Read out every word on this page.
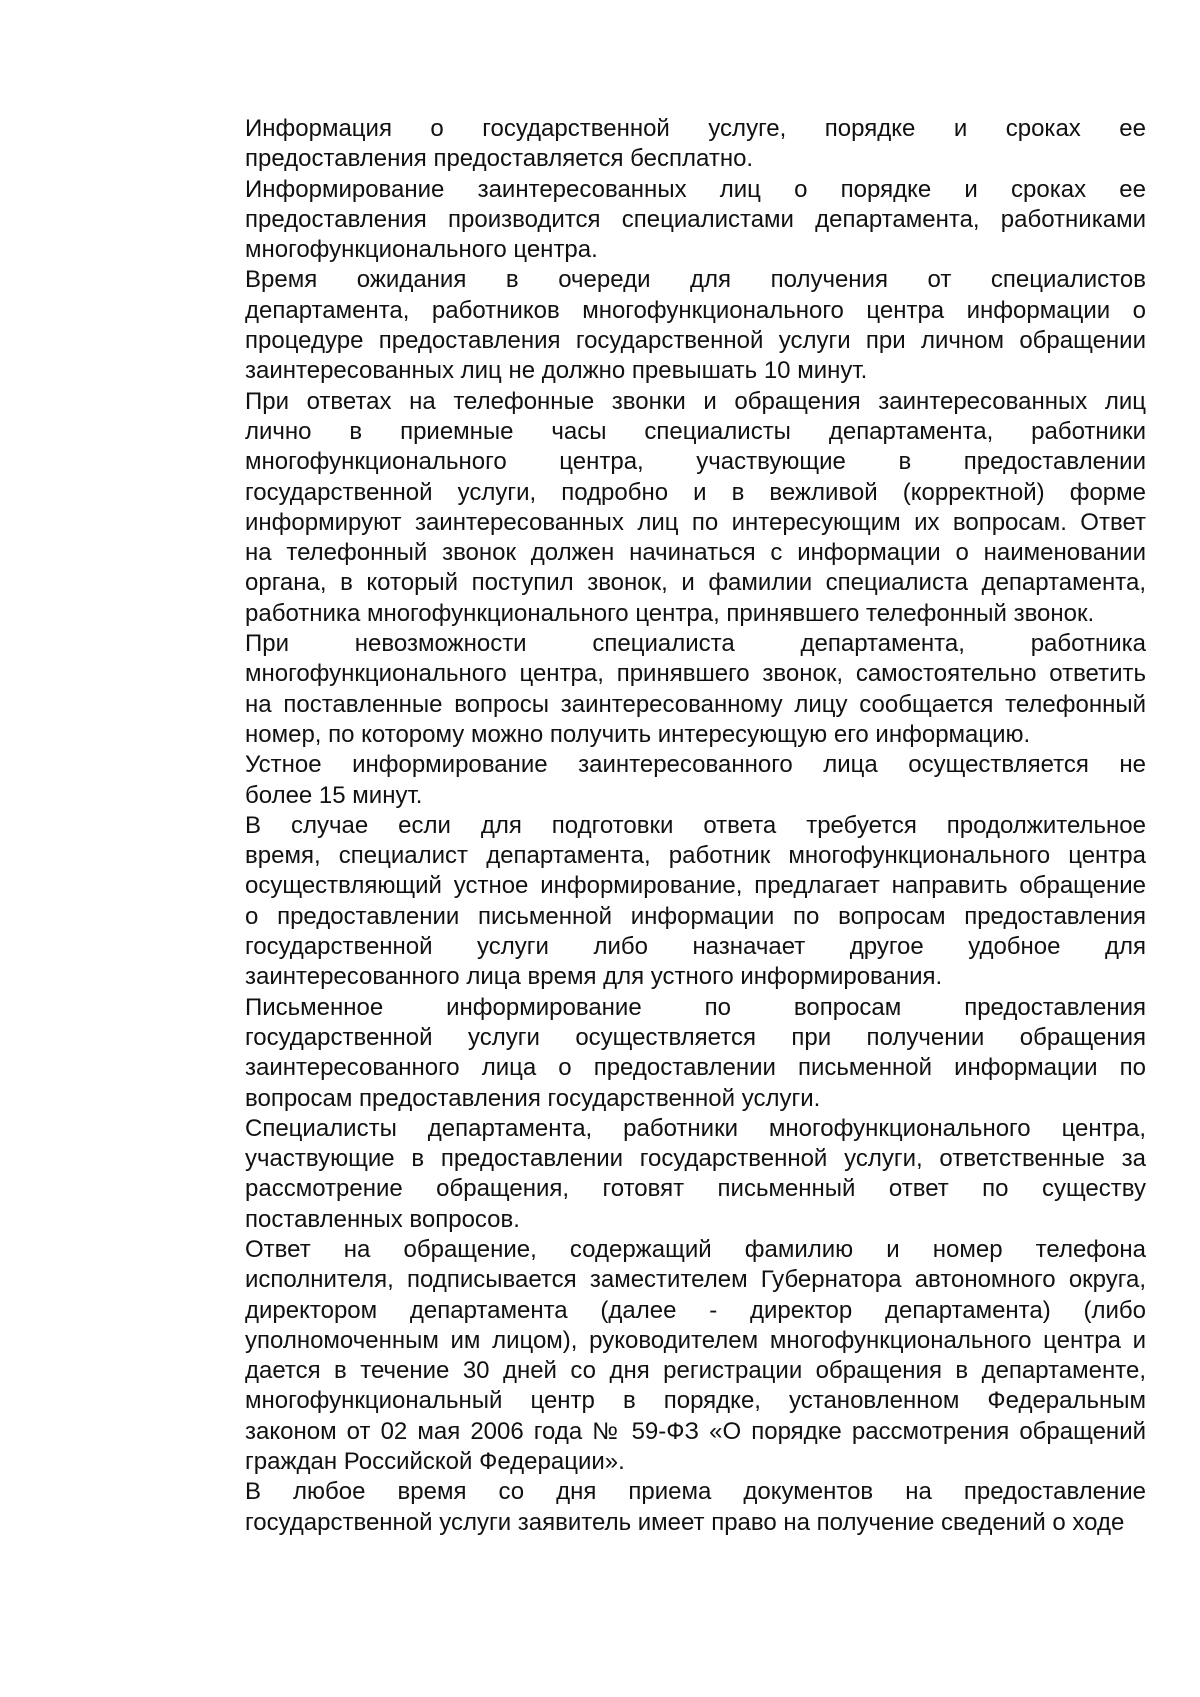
Информация о государственной услуге, порядке и сроках ее
предоставления предоставляется бесплатно.

Информирование заинтересованных лиц о порядке и сроках ее
предоставления производится специалистами департамента, работниками
многофункционального центра.

Время ожидания в очереди для получения от специалистов
департамента, работников многофункционального центра информации о
процедуре предоставления государственной услуги при личном обращении
заинтересованных лиц не должно превышать 10 минут.

При ответах на телефонные звонки и обращения заинтересованных лиц
лично в приемные часы специалисты департамента, работники
многофункционального центра, участвующие в предоставлении
государственной услуги, подробно и в вежливой (корректной) форме
информируют заинтересованных лиц по интересующим их вопросам. Ответ
на телефонный звонок должен начинаться с информации о наименовании
органа, в который поступил звонок, и фамилии специалиста департамента,
работника многофункционального центра, принявшего телефонный звонок.

При невозможности специалиста департамента, работника
многофункционального центра, принявшего звонок, самостоятельно ответить
на поставленные вопросы заинтересованному лицу сообщается телефонный
номер, по которому можно получить интересующую его информацию.

Устное информирование заинтересованного лица осуществляется не
более 15 минут.

В случае если для подготовки ответа требуется продолжительное
время, специалист департамента, работник многофункционального центра
осуществляющий устное информирование, предлагает направить обращение
о предоставлении письменной информации по вопросам предоставления
государственной услуги либо назначает другое удобное для
заинтересованного лица время для устного информирования.

Письменное информирование по вопросам предоставления
государственной услуги осуществляется при получении обращения
заинтересованного лица о предоставлении письменной информации по
вопросам предоставления государственной услуги.

Специалисты департамента, работники многофункционального центра,
участвующие в предоставлении государственной услуги, ответственные за
рассмотрение обращения, готовят письменный ответ по существу
поставленных вопросов.

Ответ на обращение, содержащий фамилию и номер телефона
исполнителя, подписывается заместителем Губернатора автономного округа,
директором департамента (далее - директор департамента) (либо
уполномоченным им лицом), руководителем многофункционального центра и
дается в течение 30 дней со дня регистрации обращения в департаменте,
многофункциональный центр в порядке, установленном Федеральным
законом от 02 мая 2006 года № 59-ФЗ «О порядке рассмотрения обращений
граждан Российской Федерации».

В любое время со дня приема документов на предоставление
государственной услуги заявитель имеет право на получение сведений о ходе
